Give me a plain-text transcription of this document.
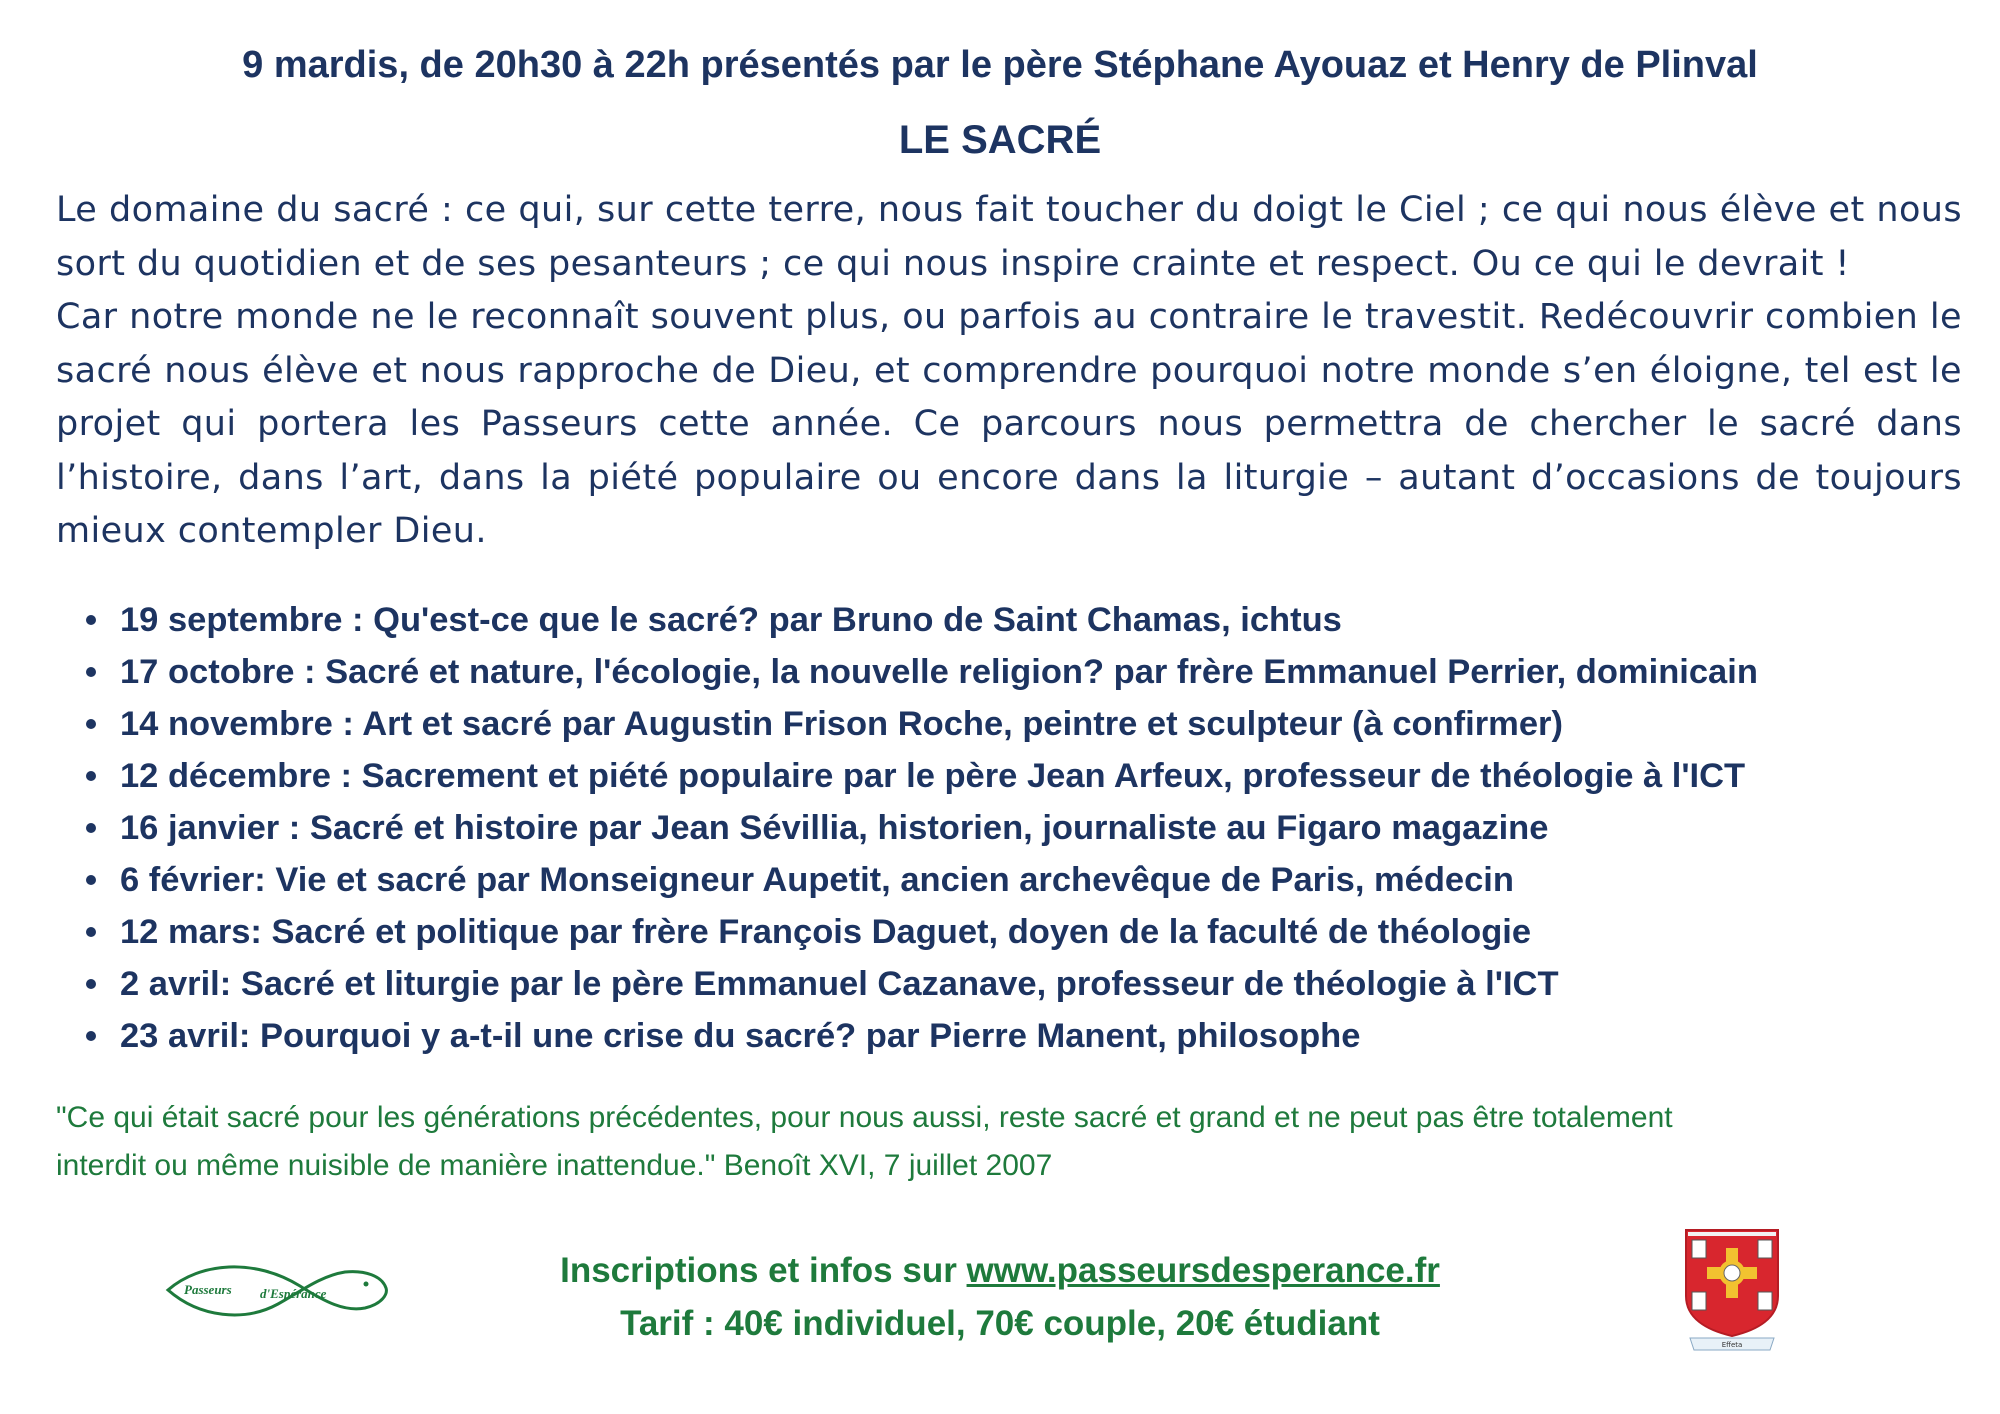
9 mardis, de 20h30 à 22h présentés par le père Stéphane Ayouaz et Henry de Plinval
LE SACRÉ

Le domaine du sacré : ce qui, sur cette terre, nous fait toucher du doigt le Ciel ; ce qui nous élève et nous sort du quotidien et de ses pesanteurs ; ce qui nous inspire crainte et respect. Ou ce qui le devrait !

Car notre monde ne le reconnaît souvent plus, ou parfois au contraire le travestit. Redécouvrir combien le sacré nous élève et nous rapproche de Dieu, et comprendre pourquoi notre monde s’en éloigne, tel est le projet qui portera les Passeurs cette année. Ce parcours nous permettra de chercher le sacré dans l’histoire, dans l’art, dans la piété populaire ou encore dans la liturgie – autant d’occasions de toujours mieux contempler Dieu.

19 septembre : Qu'est-ce que le sacré? par Bruno de Saint Chamas, ichtus
17 octobre : Sacré et nature, l'écologie, la nouvelle religion? par frère Emmanuel Perrier, dominicain
14 novembre : Art et sacré par Augustin Frison Roche, peintre et sculpteur (à confirmer)
12 décembre : Sacrement et piété populaire par le père Jean Arfeux, professeur de théologie à l'ICT
16 janvier : Sacré et histoire par Jean Sévillia, historien, journaliste au Figaro magazine
6 février: Vie et sacré par Monseigneur Aupetit, ancien archevêque de Paris, médecin
12 mars: Sacré et politique par frère François Daguet, doyen de la faculté de théologie
2 avril: Sacré et liturgie par le père Emmanuel Cazanave, professeur de théologie à l'ICT
23 avril: Pourquoi y a-t-il une crise du sacré? par Pierre Manent, philosophe

"Ce qui était sacré pour les générations précédentes, pour nous aussi, reste sacré et grand et ne peut pas être totalement
interdit ou même nuisible de manière inattendue." Benoît XVI, 7 juillet 2007

Passeurs d'Espérance
Inscriptions et infos sur www.passeursdesperance.fr
Tarif : 40€ individuel, 70€ couple, 20€ étudiant
Effeta
